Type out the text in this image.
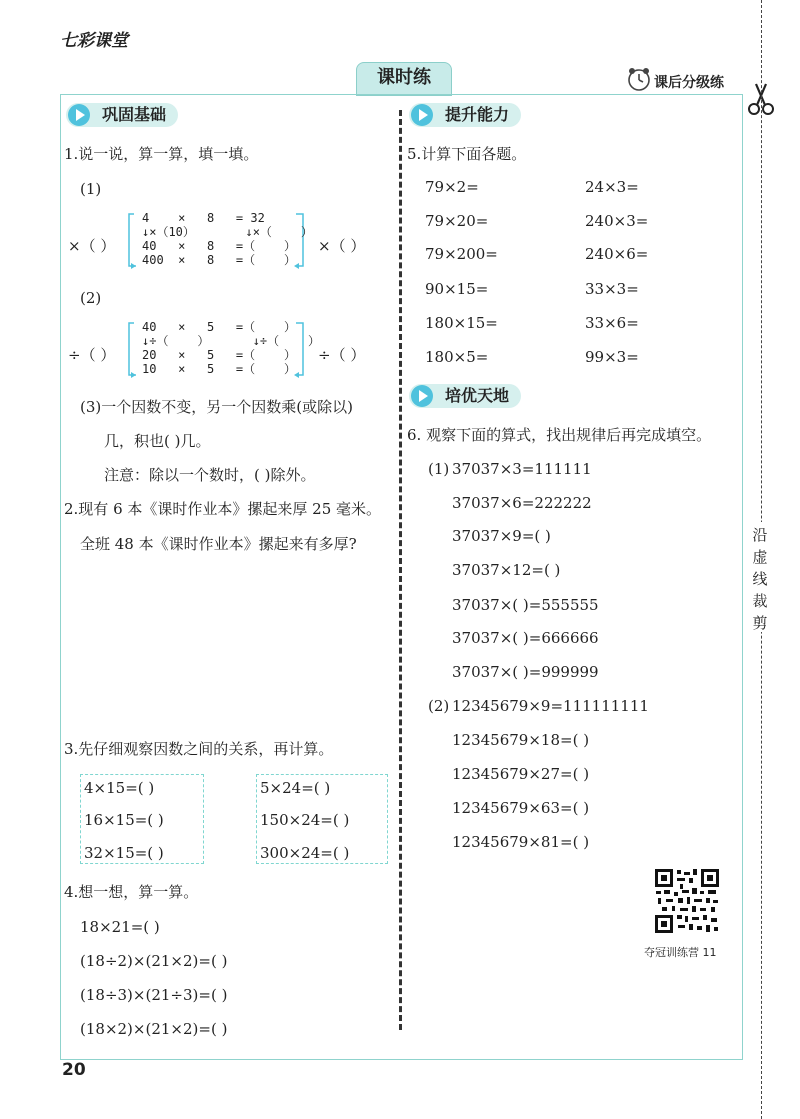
七彩课堂
课时练	课后分级练
沿
虚
线
裁
剪
巩固基础
1.说一说，算一算，填一填。
(1)
×（ ）
4    ×   8   = 32
↓×（10）       ↓×（    ）
40   ×   8   =（    ）
400  ×   8   =（    ）
×（ ）
(2)
÷（ ）
40   ×   5   =（    ）
↓÷（    ）      ↓÷（    ）
20   ×   5   =（    ）
10   ×   5   =（    ）
÷（ ）
(3)一个因数不变，另一个因数乘(或除以)
几，积也( )几。
注意：除以一个数时，( )除外。
2.现有 6 本《课时作业本》摞起来厚 25 毫米。
全班 48 本《课时作业本》摞起来有多厚?
3.先仔细观察因数之间的关系，再计算。
4×15=( )
16×15=( )
32×15=( )
5×24=( )
150×24=( )
300×24=( )
4.想一想，算一算。
18×21=( )
(18÷2)×(21×2)=( )
(18÷3)×(21÷3)=( )
(18×2)×(21×2)=( )
提升能力
5.计算下面各题。
79×2=
79×20=
79×200=
90×15=
180×15=
180×5=
24×3=
240×3=
240×6=
33×3=
33×6=
99×3=
培优天地
6. 观察下面的算式，找出规律后再完成填空。
(1) 37037×3=111111
37037×6=222222
37037×9=( )
37037×12=( )
37037×( )=555555
37037×( )=666666
37037×( )=999999
(2) 12345679×9=111111111
12345679×18=( )
12345679×27=( )
12345679×63=( )
12345679×81=( )
夺冠训练营 11
20
